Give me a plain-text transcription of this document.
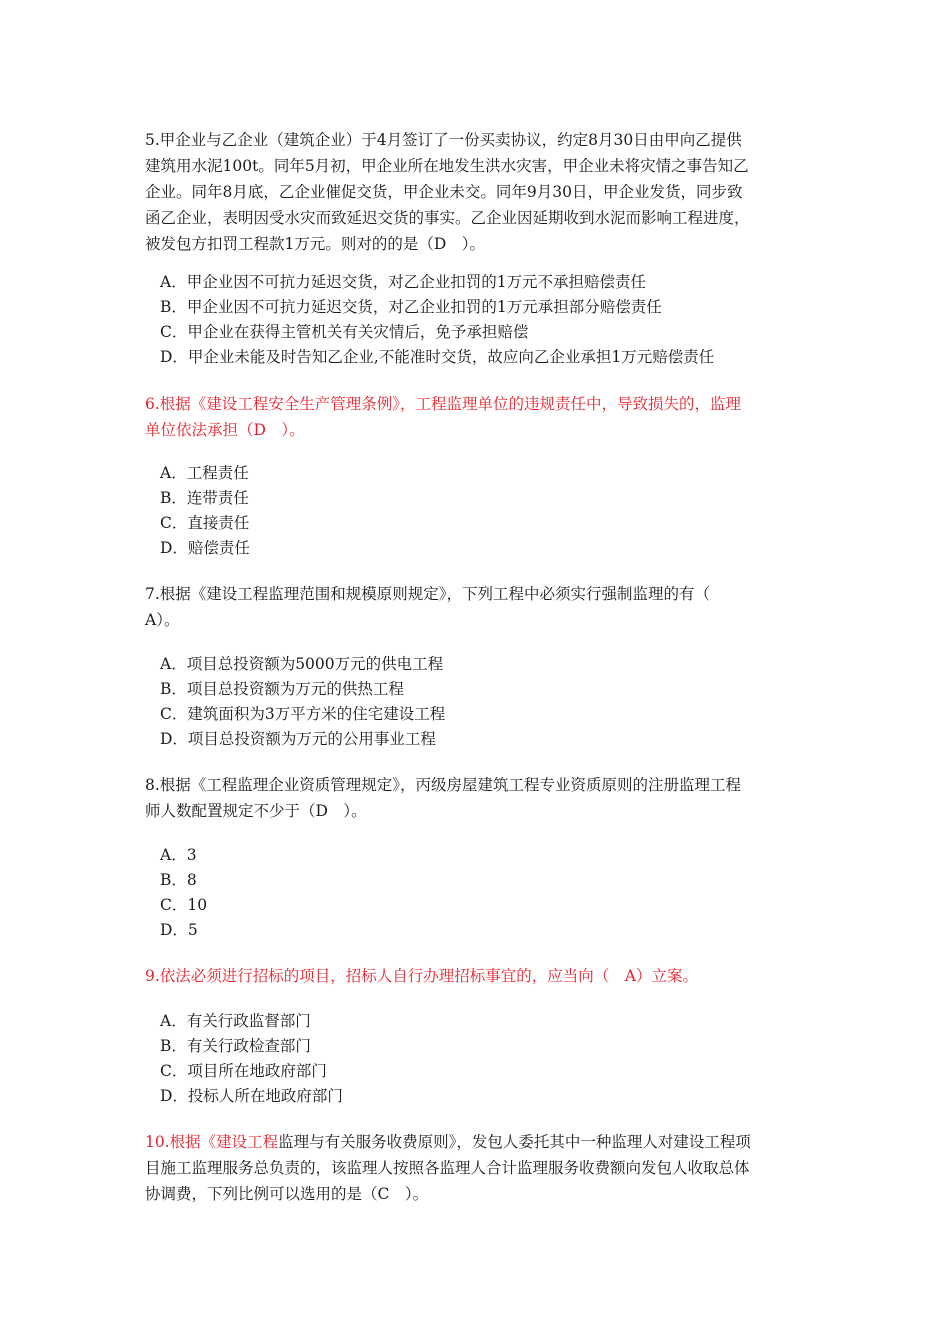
5.甲企业与乙企业（建筑企业）于4月签订了一份买卖协议，约定8月30日由甲向乙提供

建筑用水泥100t。同年5月初，甲企业所在地发生洪水灾害，甲企业未将灾情之事告知乙

企业。同年8月底，乙企业催促交货，甲企业未交。同年9月30日，甲企业发货，同步致

函乙企业，表明因受水灾而致延迟交货的事实。乙企业因延期收到水泥而影响工程进度，

被发包方扣罚工程款1万元。则对的的是（D　）。

A．甲企业因不可抗力延迟交货，对乙企业扣罚的1万元不承担赔偿责任
B．甲企业因不可抗力延迟交货，对乙企业扣罚的1万元承担部分赔偿责任
C．甲企业在获得主管机关有关灾情后，免予承担赔偿
D．甲企业未能及时告知乙企业,不能准时交货，故应向乙企业承担1万元赔偿责任

6.根据《建设工程安全生产管理条例》，工程监理单位的违规责任中，导致损失的，监理

单位依法承担（D　）。

A．工程责任
B．连带责任
C．直接责任
D．赔偿责任

7.根据《建设工程监理范围和规模原则规定》，下列工程中必须实行强制监理的有（

A）。

A．项目总投资额为5000万元的供电工程
B．项目总投资额为万元的供热工程
C．建筑面积为3万平方米的住宅建设工程
D．项目总投资额为万元的公用事业工程

8.根据《工程监理企业资质管理规定》，丙级房屋建筑工程专业资质原则的注册监理工程

师人数配置规定不少于（D　）。

A．3
B．8
C．10
D．5

9.依法必须进行招标的项目，招标人自行办理招标事宜的，应当向（　A）立案。

A．有关行政监督部门
B．有关行政检查部门
C．项目所在地政府部门
D．投标人所在地政府部门

10.根据《建设工程监理与有关服务收费原则》，发包人委托其中一种监理人对建设工程项

目施工监理服务总负责的，该监理人按照各监理人合计监理服务收费额向发包人收取总体

协调费，下列比例可以选用的是（C　）。
